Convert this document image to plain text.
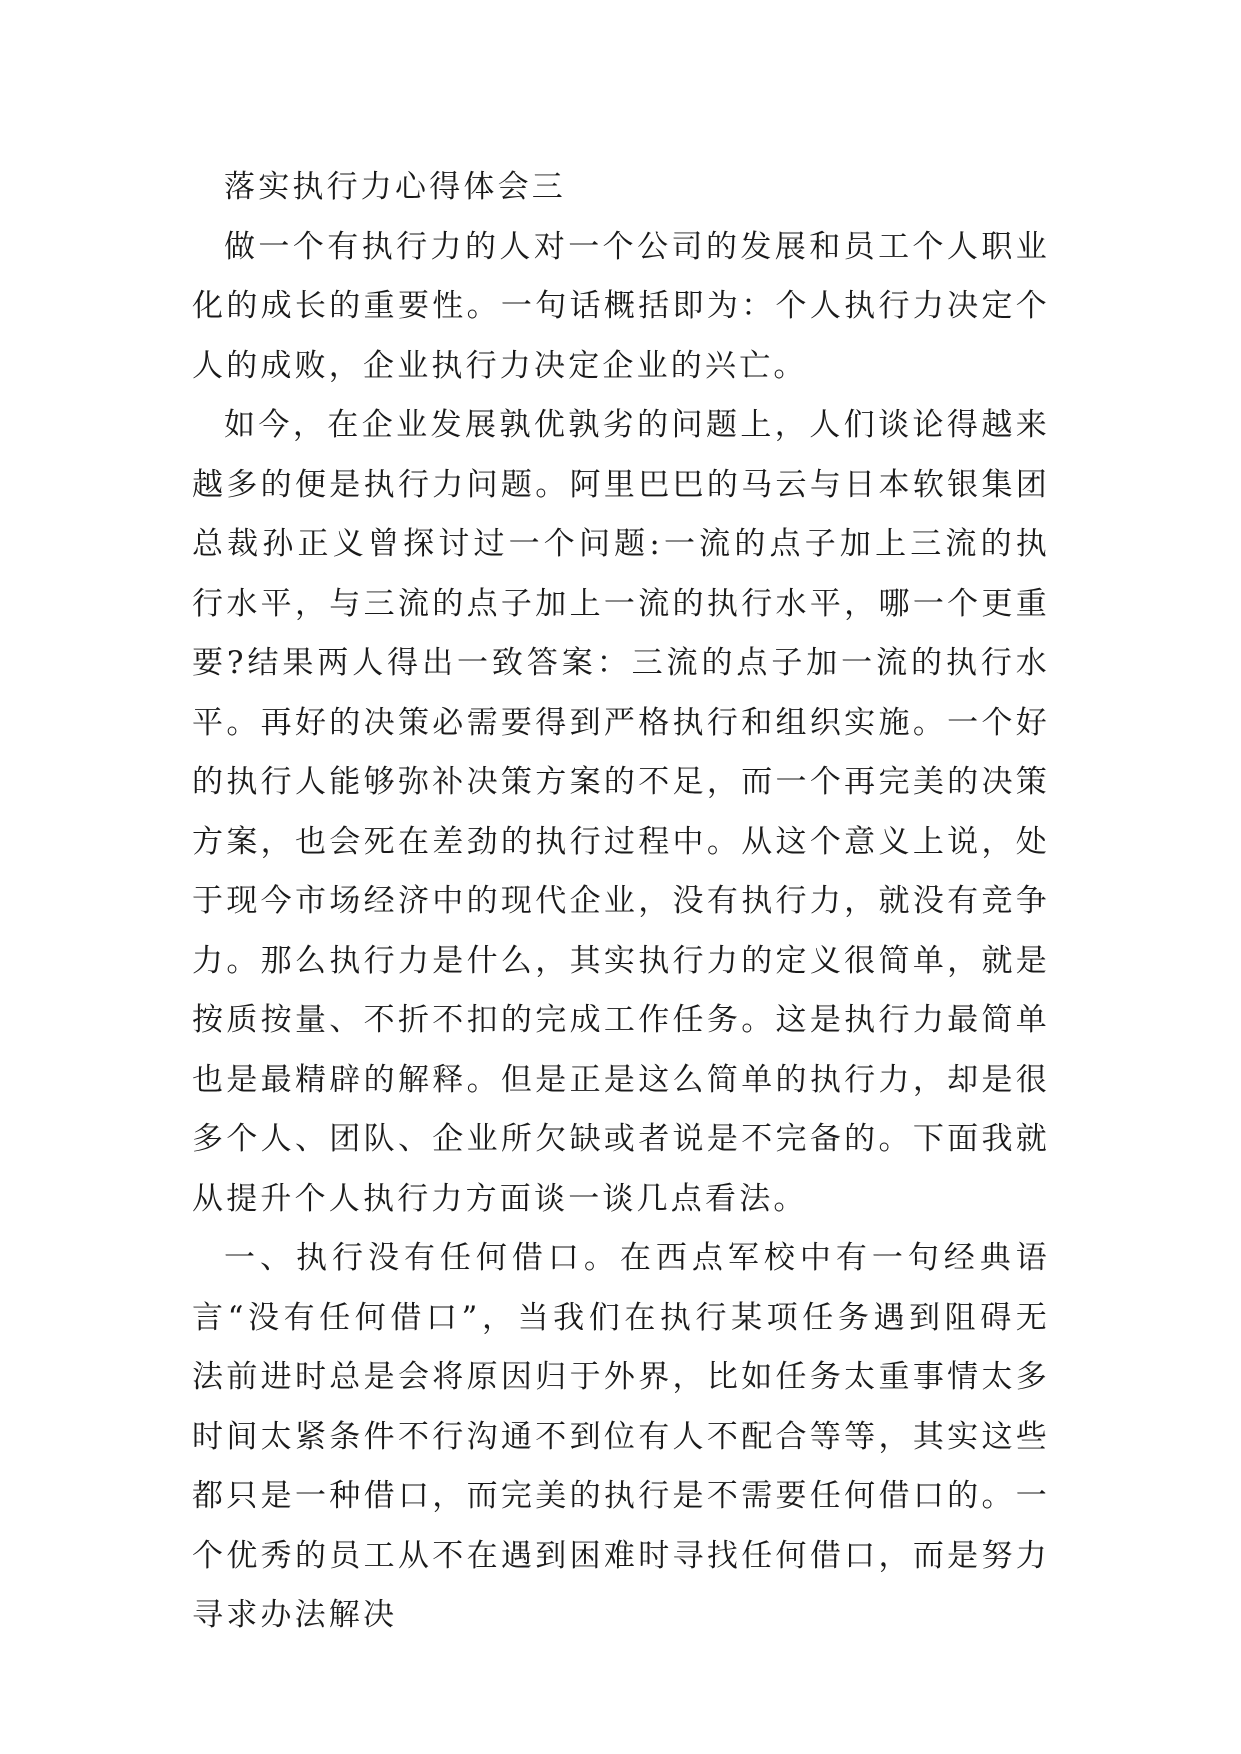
落实执行力心得体会三

做一个有执行力的人对一个公司的发展和员工个人职业化的成长的重要性。一句话概括即为：个人执行力决定个人的成败，企业执行力决定企业的兴亡。

如今，在企业发展孰优孰劣的问题上，人们谈论得越来越多的便是执行力问题。阿里巴巴的马云与日本软银集团总裁孙正义曾探讨过一个问题:一流的点子加上三流的执行水平，与三流的点子加上一流的执行水平，哪一个更重要?结果两人得出一致答案：三流的点子加一流的执行水平。再好的决策必需要得到严格执行和组织实施。一个好的执行人能够弥补决策方案的不足，而一个再完美的决策方案，也会死在差劲的执行过程中。从这个意义上说，处于现今市场经济中的现代企业，没有执行力，就没有竞争力。那么执行力是什么，其实执行力的定义很简单，就是按质按量、不折不扣的完成工作任务。这是执行力最简单也是最精辟的解释。但是正是这么简单的执行力，却是很多个人、团队、企业所欠缺或者说是不完备的。下面我就从提升个人执行力方面谈一谈几点看法。

一、执行没有任何借口。在西点军校中有一句经典语言“没有任何借口”，当我们在执行某项任务遇到阻碍无法前进时总是会将原因归于外界，比如任务太重事情太多时间太紧条件不行沟通不到位有人不配合等等，其实这些都只是一种借口，而完美的执行是不需要任何借口的。一个优秀的员工从不在遇到困难时寻找任何借口，而是努力寻求办法解决
